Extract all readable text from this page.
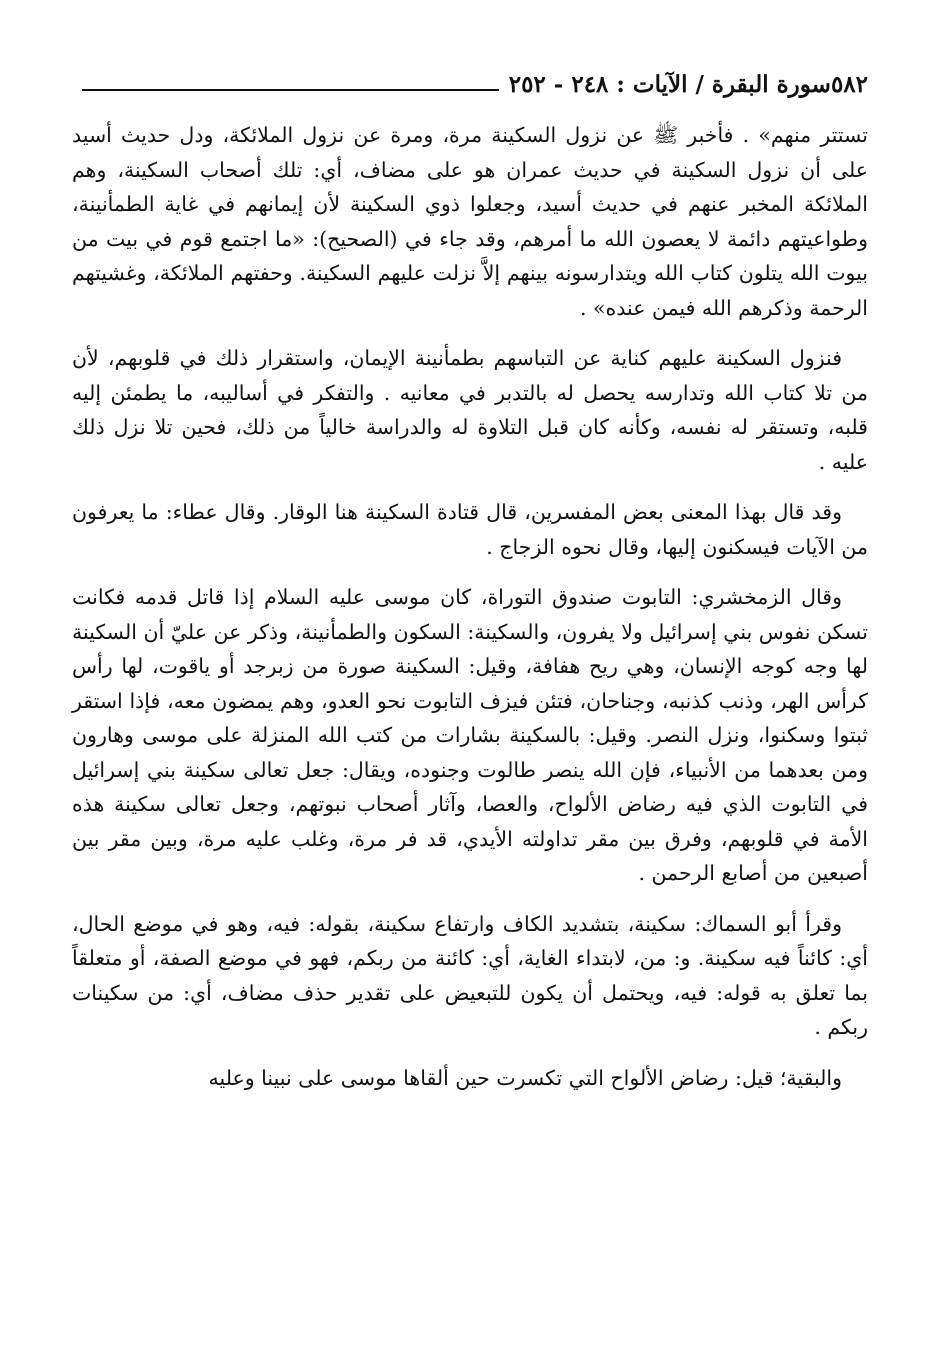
٥٨٢
سورة البقرة / الآيات : ٢٤٨ - ٢٥٢

تستتر منهم» . فأخبر ﷺ عن نزول السكينة مرة، ومرة عن نزول الملائكة، ودل حديث أسيد على أن نزول السكينة في حديث عمران هو على مضاف، أي: تلك أصحاب السكينة، وهم الملائكة المخبر عنهم في حديث أسيد، وجعلوا ذوي السكينة لأن إيمانهم في غاية الطمأنينة، وطواعيتهم دائمة لا يعصون الله ما أمرهم، وقد جاء في (الصحيح): «ما اجتمع قوم في بيت من بيوت الله يتلون كتاب الله ويتدارسونه بينهم إلاَّ نزلت عليهم السكينة. وحفتهم الملائكة، وغشيتهم الرحمة وذكرهم الله فيمن عنده» .

فنزول السكينة عليهم كناية عن التباسهم بطمأنينة الإيمان، واستقرار ذلك في قلوبهم، لأن من تلا كتاب الله وتدارسه يحصل له بالتدبر في معانيه . والتفكر في أساليبه، ما يطمئن إليه قلبه، وتستقر له نفسه، وكأنه كان قبل التلاوة له والدراسة خالياً من ذلك، فحين تلا نزل ذلك عليه .

وقد قال بهذا المعنى بعض المفسرين، قال قتادة السكينة هنا الوقار. وقال عطاء: ما يعرفون من الآيات فيسكنون إليها، وقال نحوه الزجاج .

وقال الزمخشري: التابوت صندوق التوراة، كان موسى عليه السلام إذا قاتل قدمه فكانت تسكن نفوس بني إسرائيل ولا يفرون، والسكينة: السكون والطمأنينة، وذكر عن عليّ أن السكينة لها وجه كوجه الإنسان، وهي ريح هفافة، وقيل: السكينة صورة من زبرجد أو ياقوت، لها رأس كرأس الهر، وذنب كذنبه، وجناحان، فتئن فيزف التابوت نحو العدو، وهم يمضون معه، فإذا استقر ثبتوا وسكنوا، ونزل النصر. وقيل: بالسكينة بشارات من كتب الله المنزلة على موسى وهارون ومن بعدهما من الأنبياء، فإن الله ينصر طالوت وجنوده، ويقال: جعل تعالى سكينة بني إسرائيل في التابوت الذي فيه رضاض الألواح، والعصا، وآثار أصحاب نبوتهم، وجعل تعالى سكينة هذه الأمة في قلوبهم، وفرق بين مقر تداولته الأيدي، قد فر مرة، وغلب عليه مرة، وبين مقر بين أصبعين من أصابع الرحمن .

وقرأ أبو السماك: سكينة، بتشديد الكاف وارتفاع سكينة، بقوله: فيه، وهو في موضع الحال، أي: كائناً فيه سكينة. و: من، لابتداء الغاية، أي: كائنة من ربكم، فهو في موضع الصفة، أو متعلقاً بما تعلق به قوله: فيه، ويحتمل أن يكون للتبعيض على تقدير حذف مضاف، أي: من سكينات ربكم .

والبقية؛ قيل: رضاض الألواح التي تكسرت حين ألقاها موسى على نبينا وعليه
